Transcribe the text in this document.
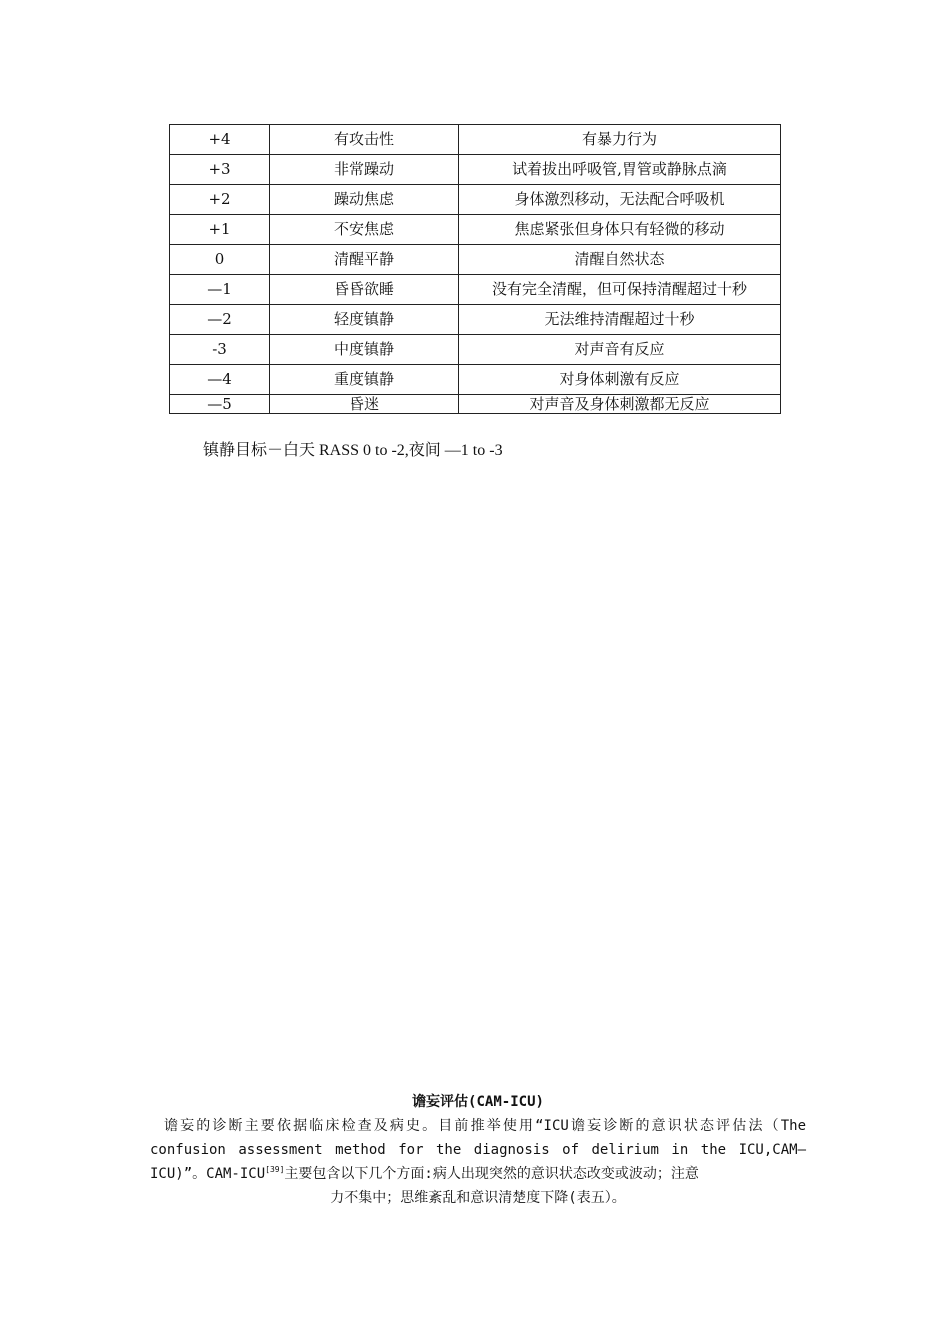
+4	有攻击性	有暴力行为
+3	非常躁动	试着拔出呼吸管,胃管或静脉点滴
+2	躁动焦虑	身体激烈移动，无法配合呼吸机
+1	不安焦虑	焦虑紧张但身体只有轻微的移动
0	清醒平静	清醒自然状态
—1	昏昏欲睡	没有完全清醒，但可保持清醒超过十秒
—2	轻度镇静	无法维持清醒超过十秒
-3	中度镇静	对声音有反应
—4	重度镇静	对身体刺激有反应
—5	昏迷	对声音及身体刺激都无反应
镇静目标－白天 RASS 0 to -2,夜间 —1 to -3
谵妄评估(CAM-ICU)
谵妄的诊断主要依据临床检查及病史。目前推举使用“ICU谵妄诊断的意识状态评估法（The confusion assessment method for the diagnosis of delirium in the ICU,CAM—ICU)”。CAM-ICU[39]主要包含以下几个方面:病人出现突然的意识状态改变或波动；注意
力不集中；思维紊乱和意识清楚度下降(表五）。
